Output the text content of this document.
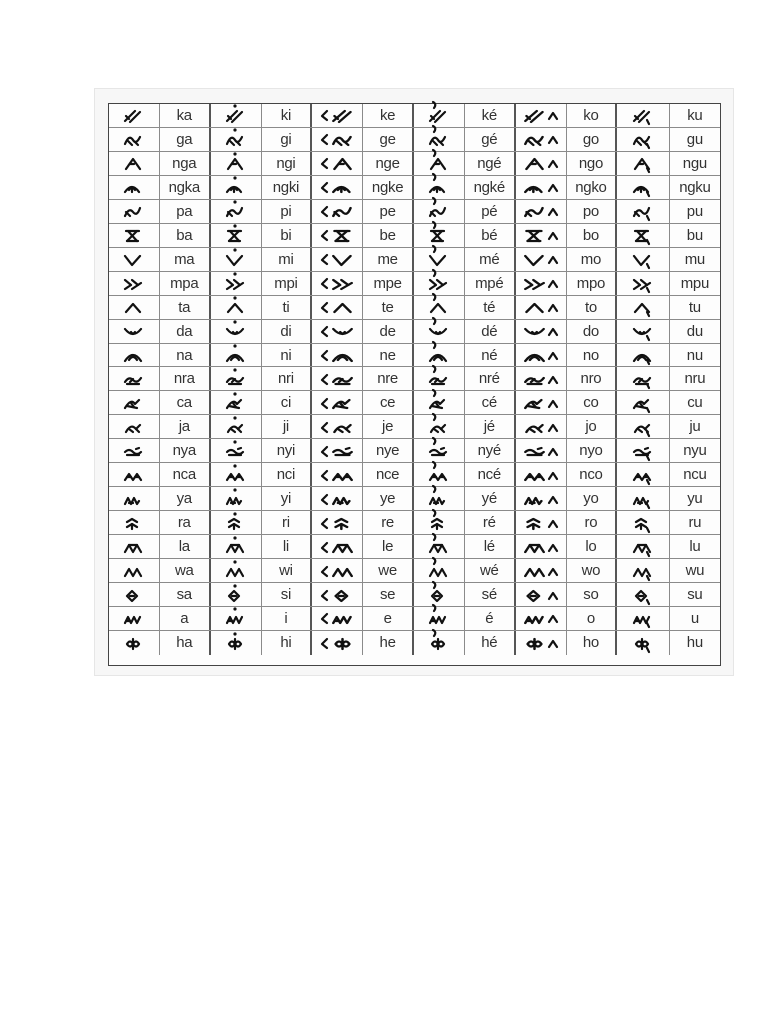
ka	ki	ke	ké	ko	ku
ga	gi	ge	gé	go	gu
nga	ngi	nge	ngé	ngo	ngu
ngka	ngki	ngke	ngké	ngko	ngku
pa	pi	pe	pé	po	pu
ba	bi	be	bé	bo	bu
ma	mi	me	mé	mo	mu
mpa	mpi	mpe	mpé	mpo	mpu
ta	ti	te	té	to	tu
da	di	de	dé	do	du
na	ni	ne	né	no	nu
nra	nri	nre	nré	nro	nru
ca	ci	ce	cé	co	cu
ja	ji	je	jé	jo	ju
nya	nyi	nye	nyé	nyo	nyu
nca	nci	nce	ncé	nco	ncu
ya	yi	ye	yé	yo	yu
ra	ri	re	ré	ro	ru
la	li	le	lé	lo	lu
wa	wi	we	wé	wo	wu
sa	si	se	sé	so	su
a	i	e	é	o	u
ha	hi	he	hé	ho	hu
